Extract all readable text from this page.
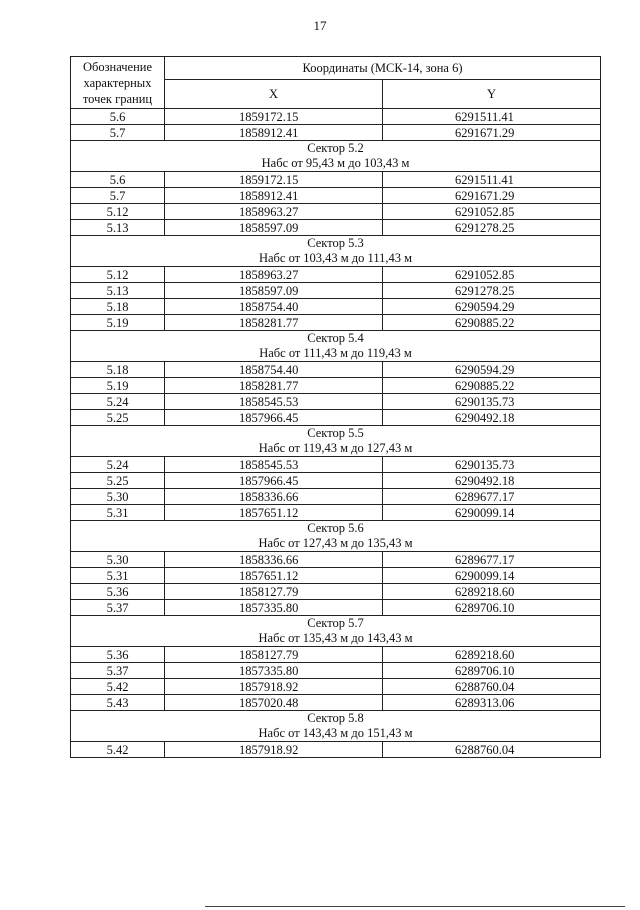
17
Обозначение характерных точек границ	Координаты (МСК-14, зона 6)	
	X	Y
5.6	1859172.15	6291511.41
5.7	1858912.41	6291671.29

Сектор 5.2
Набс от 95,43 м до 103,43 м		

5.6	1859172.15	6291511.41
5.7	1858912.41	6291671.29
5.12	1858963.27	6291052.85
5.13	1858597.09	6291278.25

Сектор 5.3
Набс от 103,43 м до 111,43 м		

5.12	1858963.27	6291052.85
5.13	1858597.09	6291278.25
5.18	1858754.40	6290594.29
5.19	1858281.77	6290885.22

Сектор 5.4
Набс от 111,43 м до 119,43 м		

5.18	1858754.40	6290594.29
5.19	1858281.77	6290885.22
5.24	1858545.53	6290135.73
5.25	1857966.45	6290492.18

Сектор 5.5
Набс от 119,43 м до 127,43 м		

5.24	1858545.53	6290135.73
5.25	1857966.45	6290492.18
5.30	1858336.66	6289677.17
5.31	1857651.12	6290099.14

Сектор 5.6
Набс от 127,43 м до 135,43 м		

5.30	1858336.66	6289677.17
5.31	1857651.12	6290099.14
5.36	1858127.79	6289218.60
5.37	1857335.80	6289706.10

Сектор 5.7
Набс от 135,43 м до 143,43 м		

5.36	1858127.79	6289218.60
5.37	1857335.80	6289706.10
5.42	1857918.92	6288760.04
5.43	1857020.48	6289313.06

Сектор 5.8
Набс от 143,43 м до 151,43 м		

5.42	1857918.92	6288760.04
